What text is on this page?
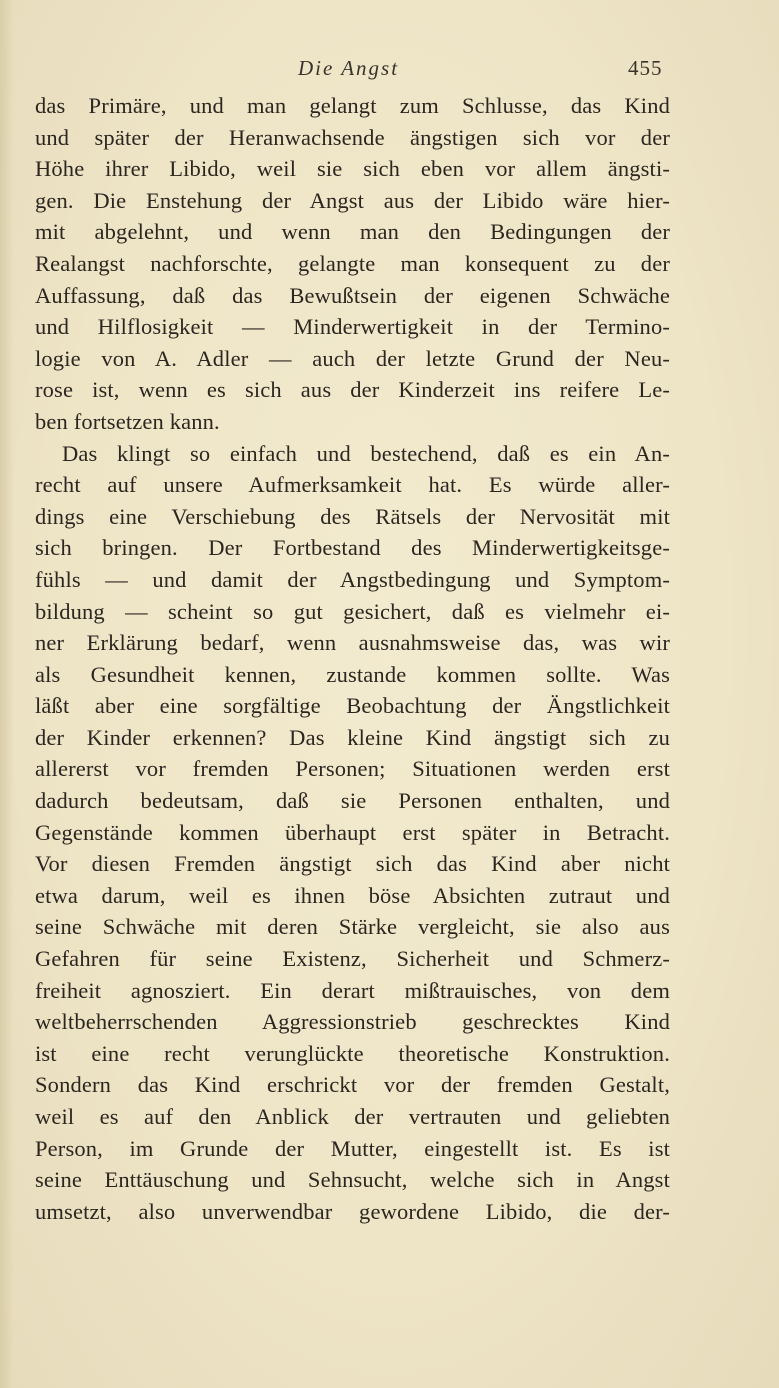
Die Angst	455
das Primäre, und man gelangt zum Schlusse, das Kind
und später der Heranwachsende ängstigen sich vor der
Höhe ihrer Libido, weil sie sich eben vor allem ängsti-
gen. Die Enstehung der Angst aus der Libido wäre hier-
mit abgelehnt, und wenn man den Bedingungen der
Realangst nachforschte, gelangte man konsequent zu der
Auffassung, daß das Bewußtsein der eigenen Schwäche
und Hilflosigkeit — Minderwertigkeit in der Termino-
logie von A. Adler — auch der letzte Grund der Neu-
rose ist, wenn es sich aus der Kinderzeit ins reifere Le-
ben fortsetzen kann.
Das klingt so einfach und bestechend, daß es ein An-
recht auf unsere Aufmerksamkeit hat. Es würde aller-
dings eine Verschiebung des Rätsels der Nervosität mit
sich bringen. Der Fortbestand des Minderwertigkeitsge-
fühls — und damit der Angstbedingung und Symptom-
bildung — scheint so gut gesichert, daß es vielmehr ei-
ner Erklärung bedarf, wenn ausnahmsweise das, was wir
als Gesundheit kennen, zustande kommen sollte. Was
läßt aber eine sorgfältige Beobachtung der Ängstlichkeit
der Kinder erkennen? Das kleine Kind ängstigt sich zu
allererst vor fremden Personen; Situationen werden erst
dadurch bedeutsam, daß sie Personen enthalten, und
Gegenstände kommen überhaupt erst später in Betracht.
Vor diesen Fremden ängstigt sich das Kind aber nicht
etwa darum, weil es ihnen böse Absichten zutraut und
seine Schwäche mit deren Stärke vergleicht, sie also aus
Gefahren für seine Existenz, Sicherheit und Schmerz-
freiheit agnosziert. Ein derart mißtrauisches, von dem
weltbeherrschenden Aggressionstrieb geschrecktes Kind
ist eine recht verunglückte theoretische Konstruktion.
Sondern das Kind erschrickt vor der fremden Gestalt,
weil es auf den Anblick der vertrauten und geliebten
Person, im Grunde der Mutter, eingestellt ist. Es ist
seine Enttäuschung und Sehnsucht, welche sich in Angst
umsetzt, also unverwendbar gewordene Libido, die der-
